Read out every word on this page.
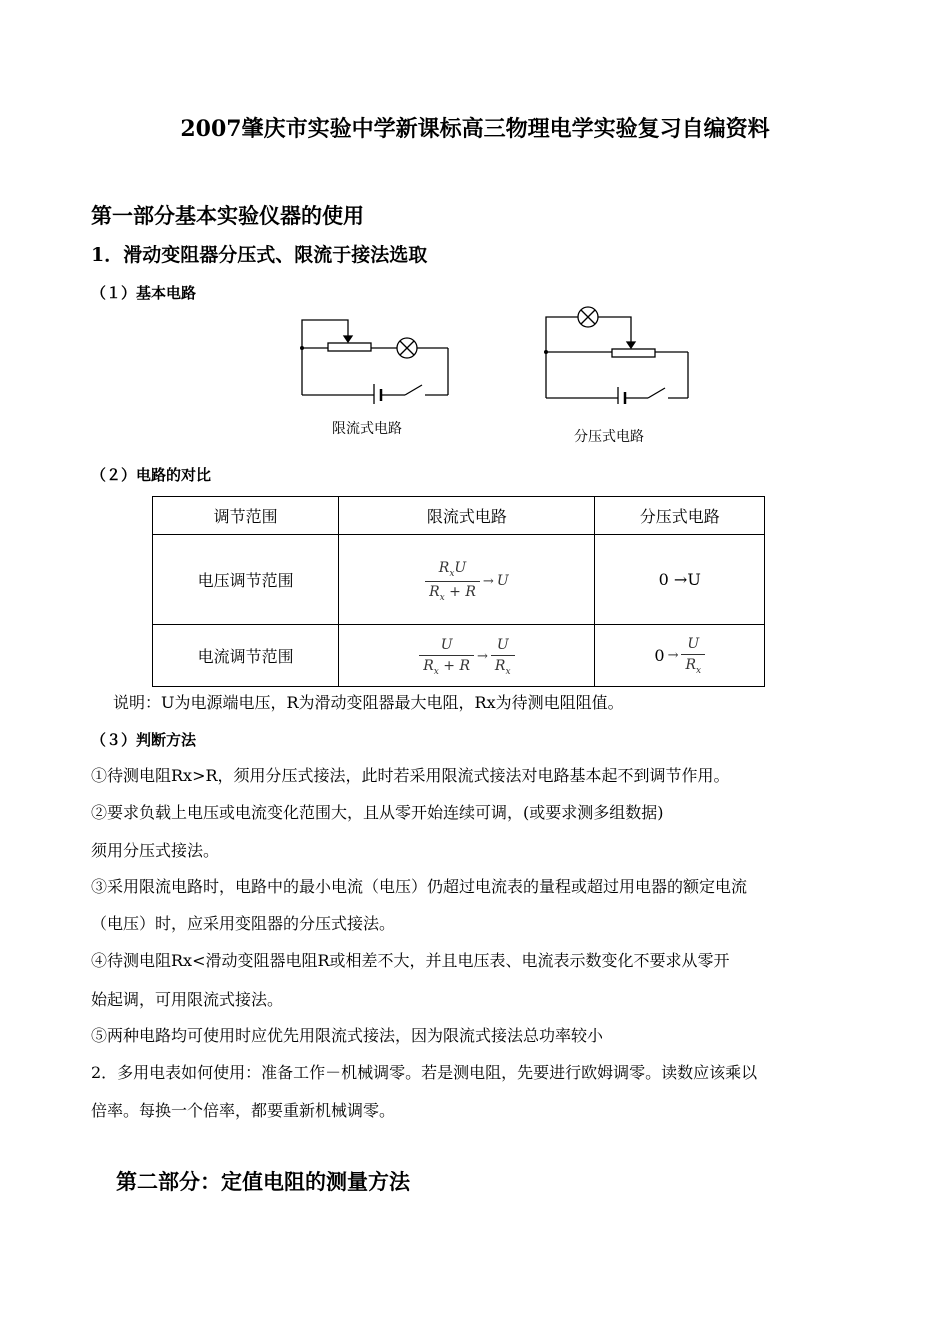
2007肇庆市实验中学新课标高三物理电学实验复习自编资料
第一部分基本实验仪器的使用
1．滑动变阻器分压式、限流于接法选取
（１）基本电路
限流式电路	分压式电路
（２）电路的对比
调节范围	限流式电路	分压式电路
电压调节范围	$\frac{R_xU}{R_x + R} \to U$	0 →U
电流调节范围	$\frac{U}{R_x + R} \to \frac{U}{R_x}$	$0 \to \frac{U}{R_x}$
说明：U为电源端电压，R为滑动变阻器最大电阻，Rx为待测电阻阻值。
（３）判断方法
①待测电阻Rx>R，须用分压式接法，此时若采用限流式接法对电路基本起不到调节作用。
②要求负载上电压或电流变化范围大，且从零开始连续可调，(或要求测多组数据)
须用分压式接法。
③采用限流电路时，电路中的最小电流（电压）仍超过电流表的量程或超过用电器的额定电流
（电压）时，应采用变阻器的分压式接法。
④待测电阻Rx<滑动变阻器电阻R或相差不大，并且电压表、电流表示数变化不要求从零开
始起调，可用限流式接法。
⑤两种电路均可使用时应优先用限流式接法，因为限流式接法总功率较小
2．多用电表如何使用：准备工作－机械调零。若是测电阻，先要进行欧姆调零。读数应该乘以
倍率。每换一个倍率，都要重新机械调零。
第二部分：定值电阻的测量方法
